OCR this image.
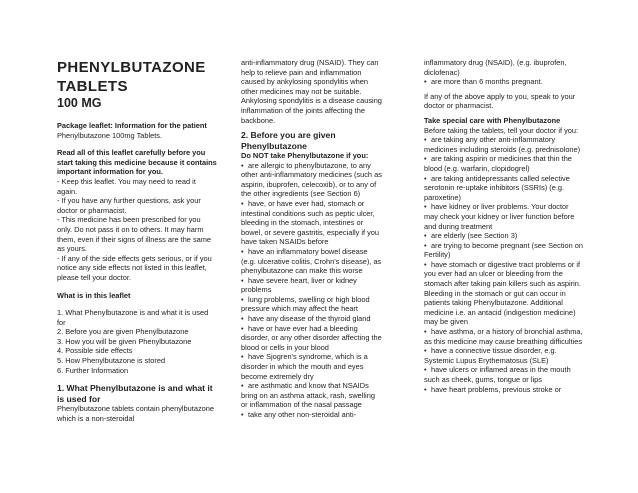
PHENYLBUTAZONE

TABLETS

100 MG

Package leaflet: Information for the patient

Phenylbutazone 100mg Tablets.

Read all of this leaflet carefully before you start taking this medicine because it contains important information for you.

- Keep this leaflet. You may need to read it again.

- If you have any further questions, ask your doctor or pharmacist.

- This medicine has been prescribed for you only. Do not pass it on to others. It may harm them, even if their signs of illness are the same as yours.

- If any of the side effects gets serious, or if you notice any side effects not listed in this leaflet, please tell your doctor.

What is in this leaflet

1. What Phenylbutazone is and what it is used for

2. Before you are given Phenylbutazone

3. How you will be given Phenylbutazone

4. Possible side effects

5. How Phenylbutazone is stored

6. Further Information

1. What Phenylbutazone is and what it is used for

Phenylbutazone tablets contain phenylbutazone which is a non-steroidal

anti-inflammatory drug (NSAID). They can help to relieve pain and inflammation caused by ankylosing spondylitis when other medicines may not be suitable.

Ankylosing spondylitis is a disease causing inflammation of the joints affecting the backbone.

2. Before you are given Phenylbutazone

Do NOT take Phenylbutazone if you:

• are allergic to phenylbutazone, to any other anti-inflammatory medicines (such as aspirin, ibuprofen, celecoxib), or to any of the other ingredients (see Section 6)

• have, or have ever had, stomach or intestinal conditions such as peptic ulcer, bleeding in the stomach, intestines or bowel, or severe gastritis, especially if you have taken NSAIDs before

• have an inflammatory bowel disease (e.g. ulcerative colitis, Crohn's disease), as phenylbutazone can make this worse

• have severe heart, liver or kidney problems

• lung problems, swelling or high blood pressure which may affect the heart

• have any disease of the thyroid gland

• have or have ever had a bleeding disorder, or any other disorder affecting the blood or cells in your blood

• have Sjogren's syndrome, which is a disorder in which the mouth and eyes become extremely dry

• are asthmatic and know that NSAIDs bring on an asthma attack, rash, swelling or inflammation of the nasal passage

• take any other non-steroidal anti-

inflammatory drug (NSAID), (e.g. ibuprofen, diclofenac)

• are more than 6 months pregnant.

If any of the above apply to you, speak to your doctor or pharmacist.

Take special care with Phenylbutazone

Before taking the tablets, tell your doctor if you:

• are taking any other anti-inflammatory medicines including steroids (e.g. prednisolone)

• are taking aspirin or medicines that thin the blood (e.g. warfarin, clopidogrel)

• are taking antidepressants called selective serotonin re-uptake inhibitors (SSRIs) (e.g. paroxetine)

• have kidney or liver problems. Your doctor may check your kidney or liver function before and during treatment

• are elderly (see Section 3)

• are trying to become pregnant (see Section on Fertility)

• have stomach or digestive tract problems or if you ever had an ulcer or bleeding from the stomach after taking pain killers such as aspirin. Bleeding in the stomach or gut can occur in patients taking Phenylbutazone. Additional medicine i.e. an antacid (indigestion medicine) may be given

• have asthma, or a history of bronchial asthma, as this medicine may cause breathing difficulties

• have a connective tissue disorder, e.g. Systemic Lupus Erythematosus (SLE)

• have ulcers or inflamed areas in the mouth such as cheek, gums, tongue or lips

• have heart problems, previous stroke or
